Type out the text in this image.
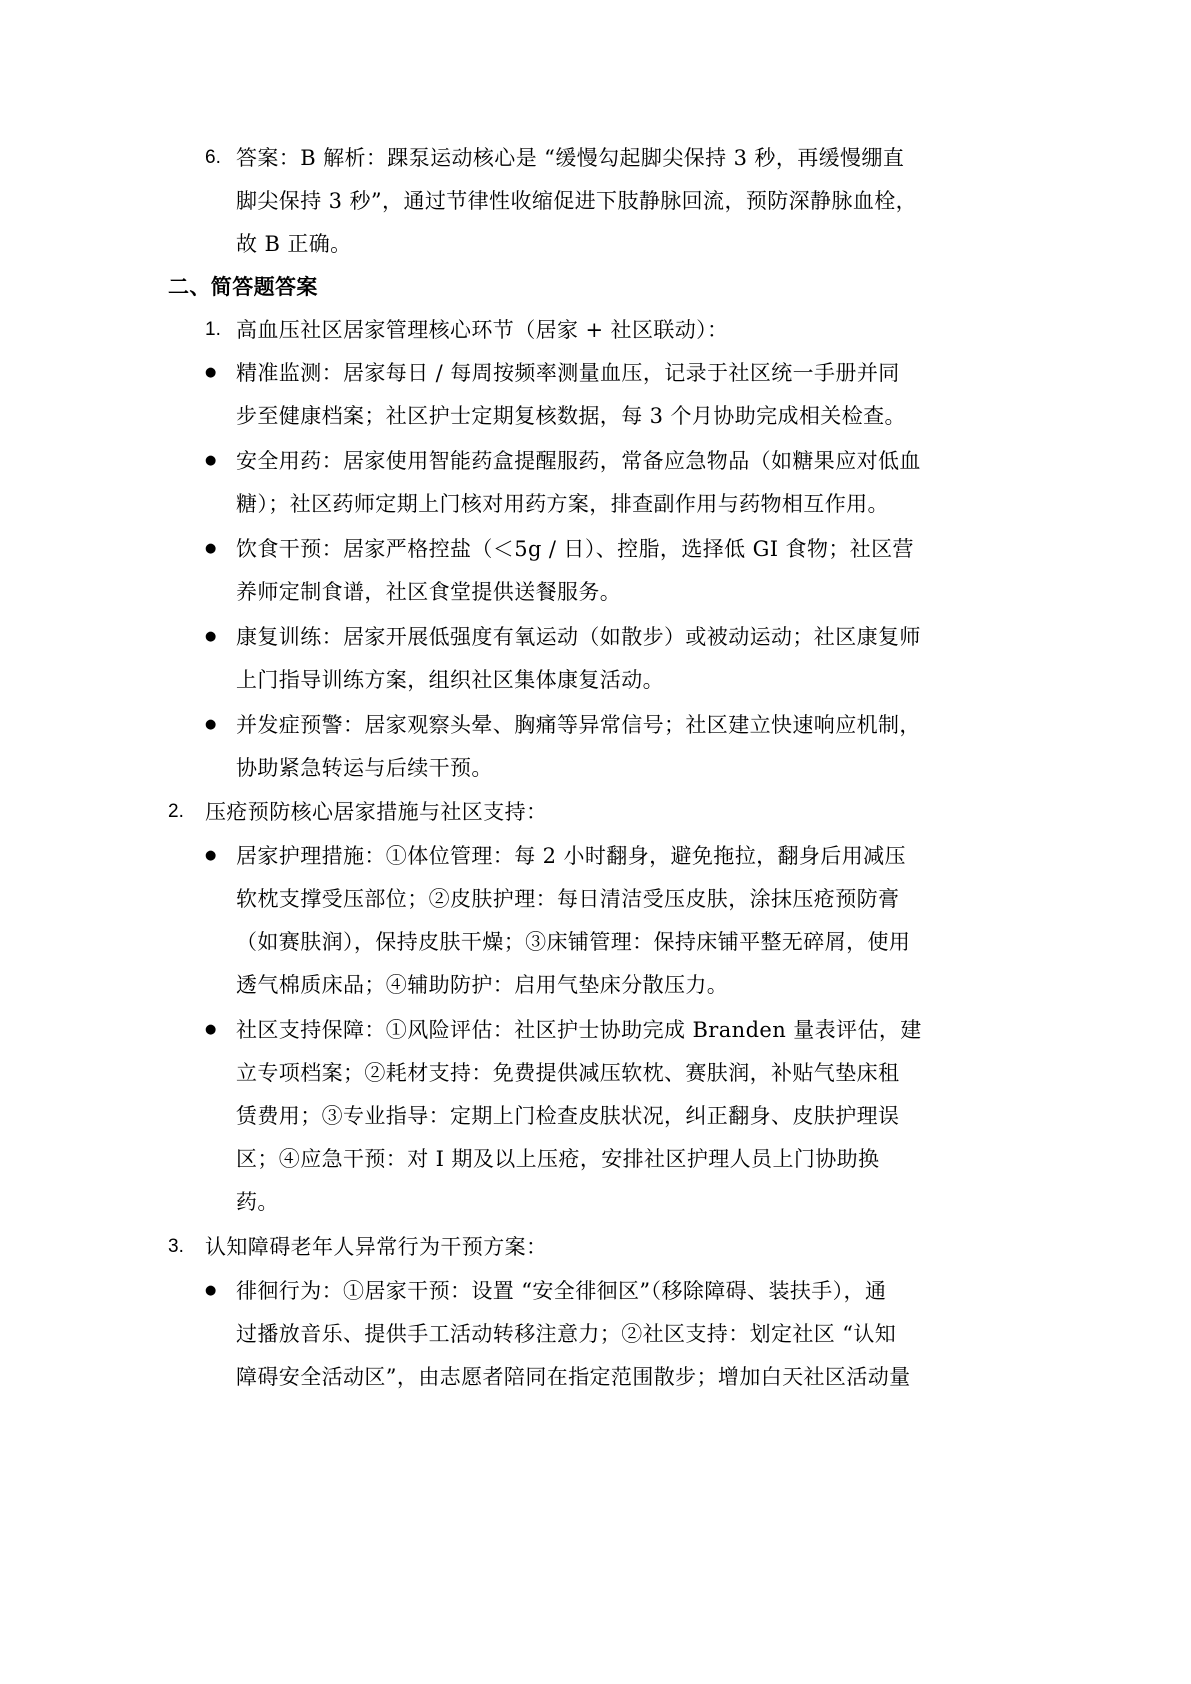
6. 答案：B 解析：踝泵运动核心是 “缓慢勾起脚尖保持 3 秒，再缓慢绷直
脚尖保持 3 秒”，通过节律性收缩促进下肢静脉回流，预防深静脉血栓，
故 B 正确。
二、简答题答案
1. 高血压社区居家管理核心环节（居家 + 社区联动）：
● 精准监测：居家每日 / 每周按频率测量血压，记录于社区统一手册并同
步至健康档案；社区护士定期复核数据，每 3 个月协助完成相关检查。
● 安全用药：居家使用智能药盒提醒服药，常备应急物品（如糖果应对低血
糖）；社区药师定期上门核对用药方案，排查副作用与药物相互作用。
● 饮食干预：居家严格控盐（＜5g / 日）、控脂，选择低 GI 食物；社区营
养师定制食谱，社区食堂提供送餐服务。
● 康复训练：居家开展低强度有氧运动（如散步）或被动运动；社区康复师
上门指导训练方案，组织社区集体康复活动。
● 并发症预警：居家观察头晕、胸痛等异常信号；社区建立快速响应机制，
协助紧急转运与后续干预。
2. 压疮预防核心居家措施与社区支持：
● 居家护理措施：①体位管理：每 2 小时翻身，避免拖拉，翻身后用减压
软枕支撑受压部位；②皮肤护理：每日清洁受压皮肤，涂抹压疮预防膏
（如赛肤润），保持皮肤干燥；③床铺管理：保持床铺平整无碎屑，使用
透气棉质床品；④辅助防护：启用气垫床分散压力。
● 社区支持保障：①风险评估：社区护士协助完成 Branden 量表评估，建
立专项档案；②耗材支持：免费提供减压软枕、赛肤润，补贴气垫床租
赁费用；③专业指导：定期上门检查皮肤状况，纠正翻身、皮肤护理误
区；④应急干预：对 Ⅰ 期及以上压疮，安排社区护理人员上门协助换
药。
3. 认知障碍老年人异常行为干预方案：
● 徘徊行为：①居家干预：设置 “安全徘徊区”（移除障碍、装扶手），通
过播放音乐、提供手工活动转移注意力；②社区支持：划定社区 “认知
障碍安全活动区”，由志愿者陪同在指定范围散步；增加白天社区活动量
